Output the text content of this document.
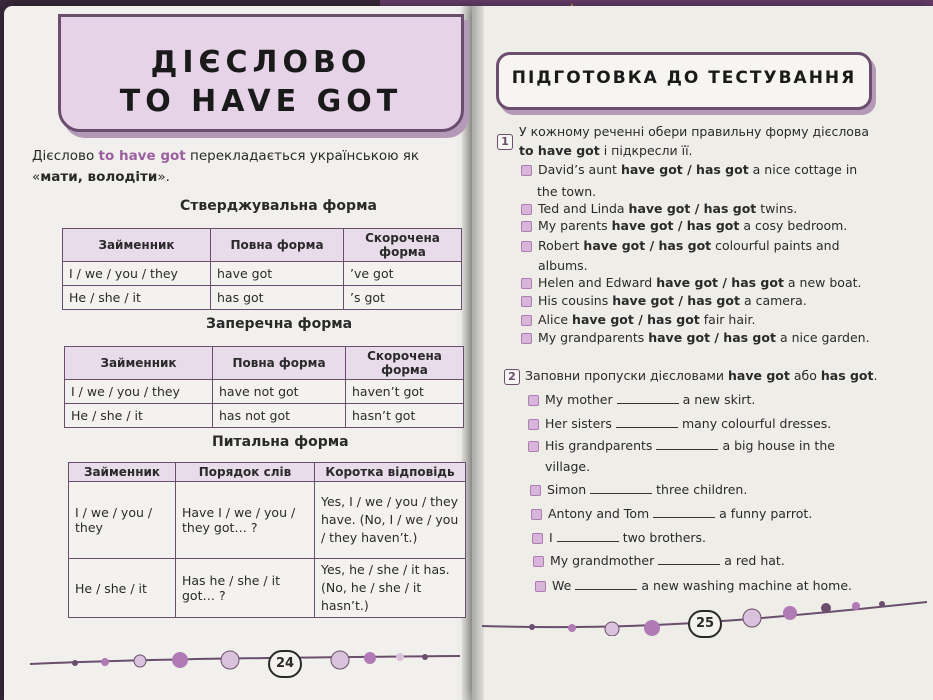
ДІЄСЛОВО
TO HAVE GOT
Дієслово to have got перекладається українською як
«мати, володіти».
Стверджувальна форма
Займенник	Повна форма	Скорочена форма
I / we / you / they	have got	’ve got
He / she / it	has got	’s got
Заперечна форма
Займенник	Повна форма	Скорочена форма
I / we / you / they	have not got	haven’t got
He / she / it	has not got	hasn’t got
Питальна форма
Займенник	Порядок слів	Коротка відповідь
I / we / you / they	Have I / we / you / they got… ?	Yes, I / we / you / they have. (No, I / we / you / they haven’t.)
He / she / it	Has he / she / it got… ?	Yes, he / she / it has. (No, he / she / it hasn’t.)
24
ПІДГОТОВКА ДО ТЕСТУВАННЯ
1
У кожному реченні обери правильну форму дієслова
to have got і підкресли її.
David’s aunt have got / has got a nice cottage in
the town.
Ted and Linda have got / has got twins.
My parents have got / has got a cosy bedroom.
Robert have got / has got colourful paints and
albums.
Helen and Edward have got / has got a new boat.
His cousins have got / has got a camera.
Alice have got / has got fair hair.
My grandparents have got / has got a nice garden.
2 Заповни пропуски дієсловами have got або has got.
My mother	a new skirt.
Her sisters	many colourful dresses.
His grandparents	a big house in the
village.
Simon	three children.
Antony and Tom	a funny parrot.
I	two brothers.
My grandmother	a red hat.
We	a new washing machine at home.
25
